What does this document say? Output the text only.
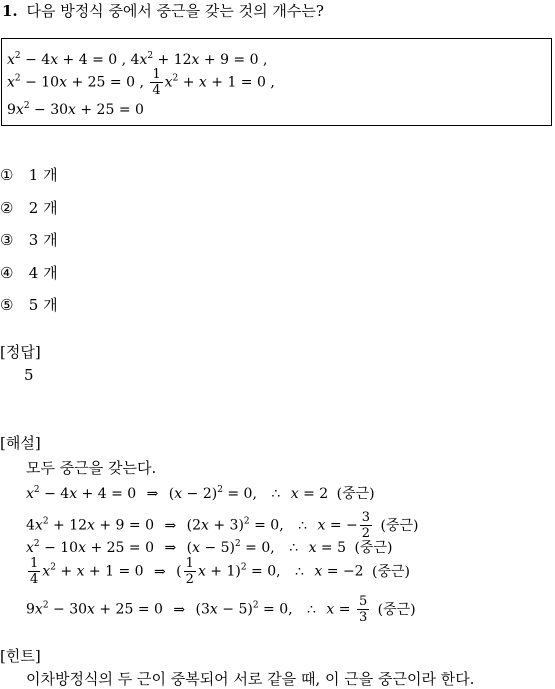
1. 다음 방정식 중에서 중근을 갖는 것의 개수는?
$x^2 - 4x + 4 = 0$ , $4x^2 + 12x + 9 = 0$ ,
$x^2 - 10x + 25 = 0$ , $\frac{1}{4} x^2 + x + 1 = 0$ ,
$9x^2 - 30x + 25 = 0$
① 1 개
② 2 개
③ 3 개
④ 4 개
⑤ 5 개
[정답]
5
[해설]
모두 중근을 갖는다.
$x^2 - 4x + 4 = 0$ ⇒ $(x - 2)^2 = 0$, ∴ x = 2 (중근)
$4x^2 + 12x + 9 = 0$ ⇒ $(2x + 3)^2 = 0$, ∴ x = − $\frac{3}{2}$ (중근)
$x^2 - 10x + 25 = 0$ ⇒ $(x - 5)^2 = 0$, ∴ x = 5 (중근)
$\frac{1}{4} x^2 + x + 1 = 0$ ⇒ ( $\frac{1}{2}$ x + 1)$^2$ = 0, ∴ x = −2 (중근)
$9x^2 - 30x + 25 = 0$ ⇒ $(3x - 5)^2 = 0$, ∴ $x = \frac{5}{3}$ (중근)
[힌트]
이차방정식의 두 근이 중복되어 서로 같을 때, 이 근을 중근이라 한다.
